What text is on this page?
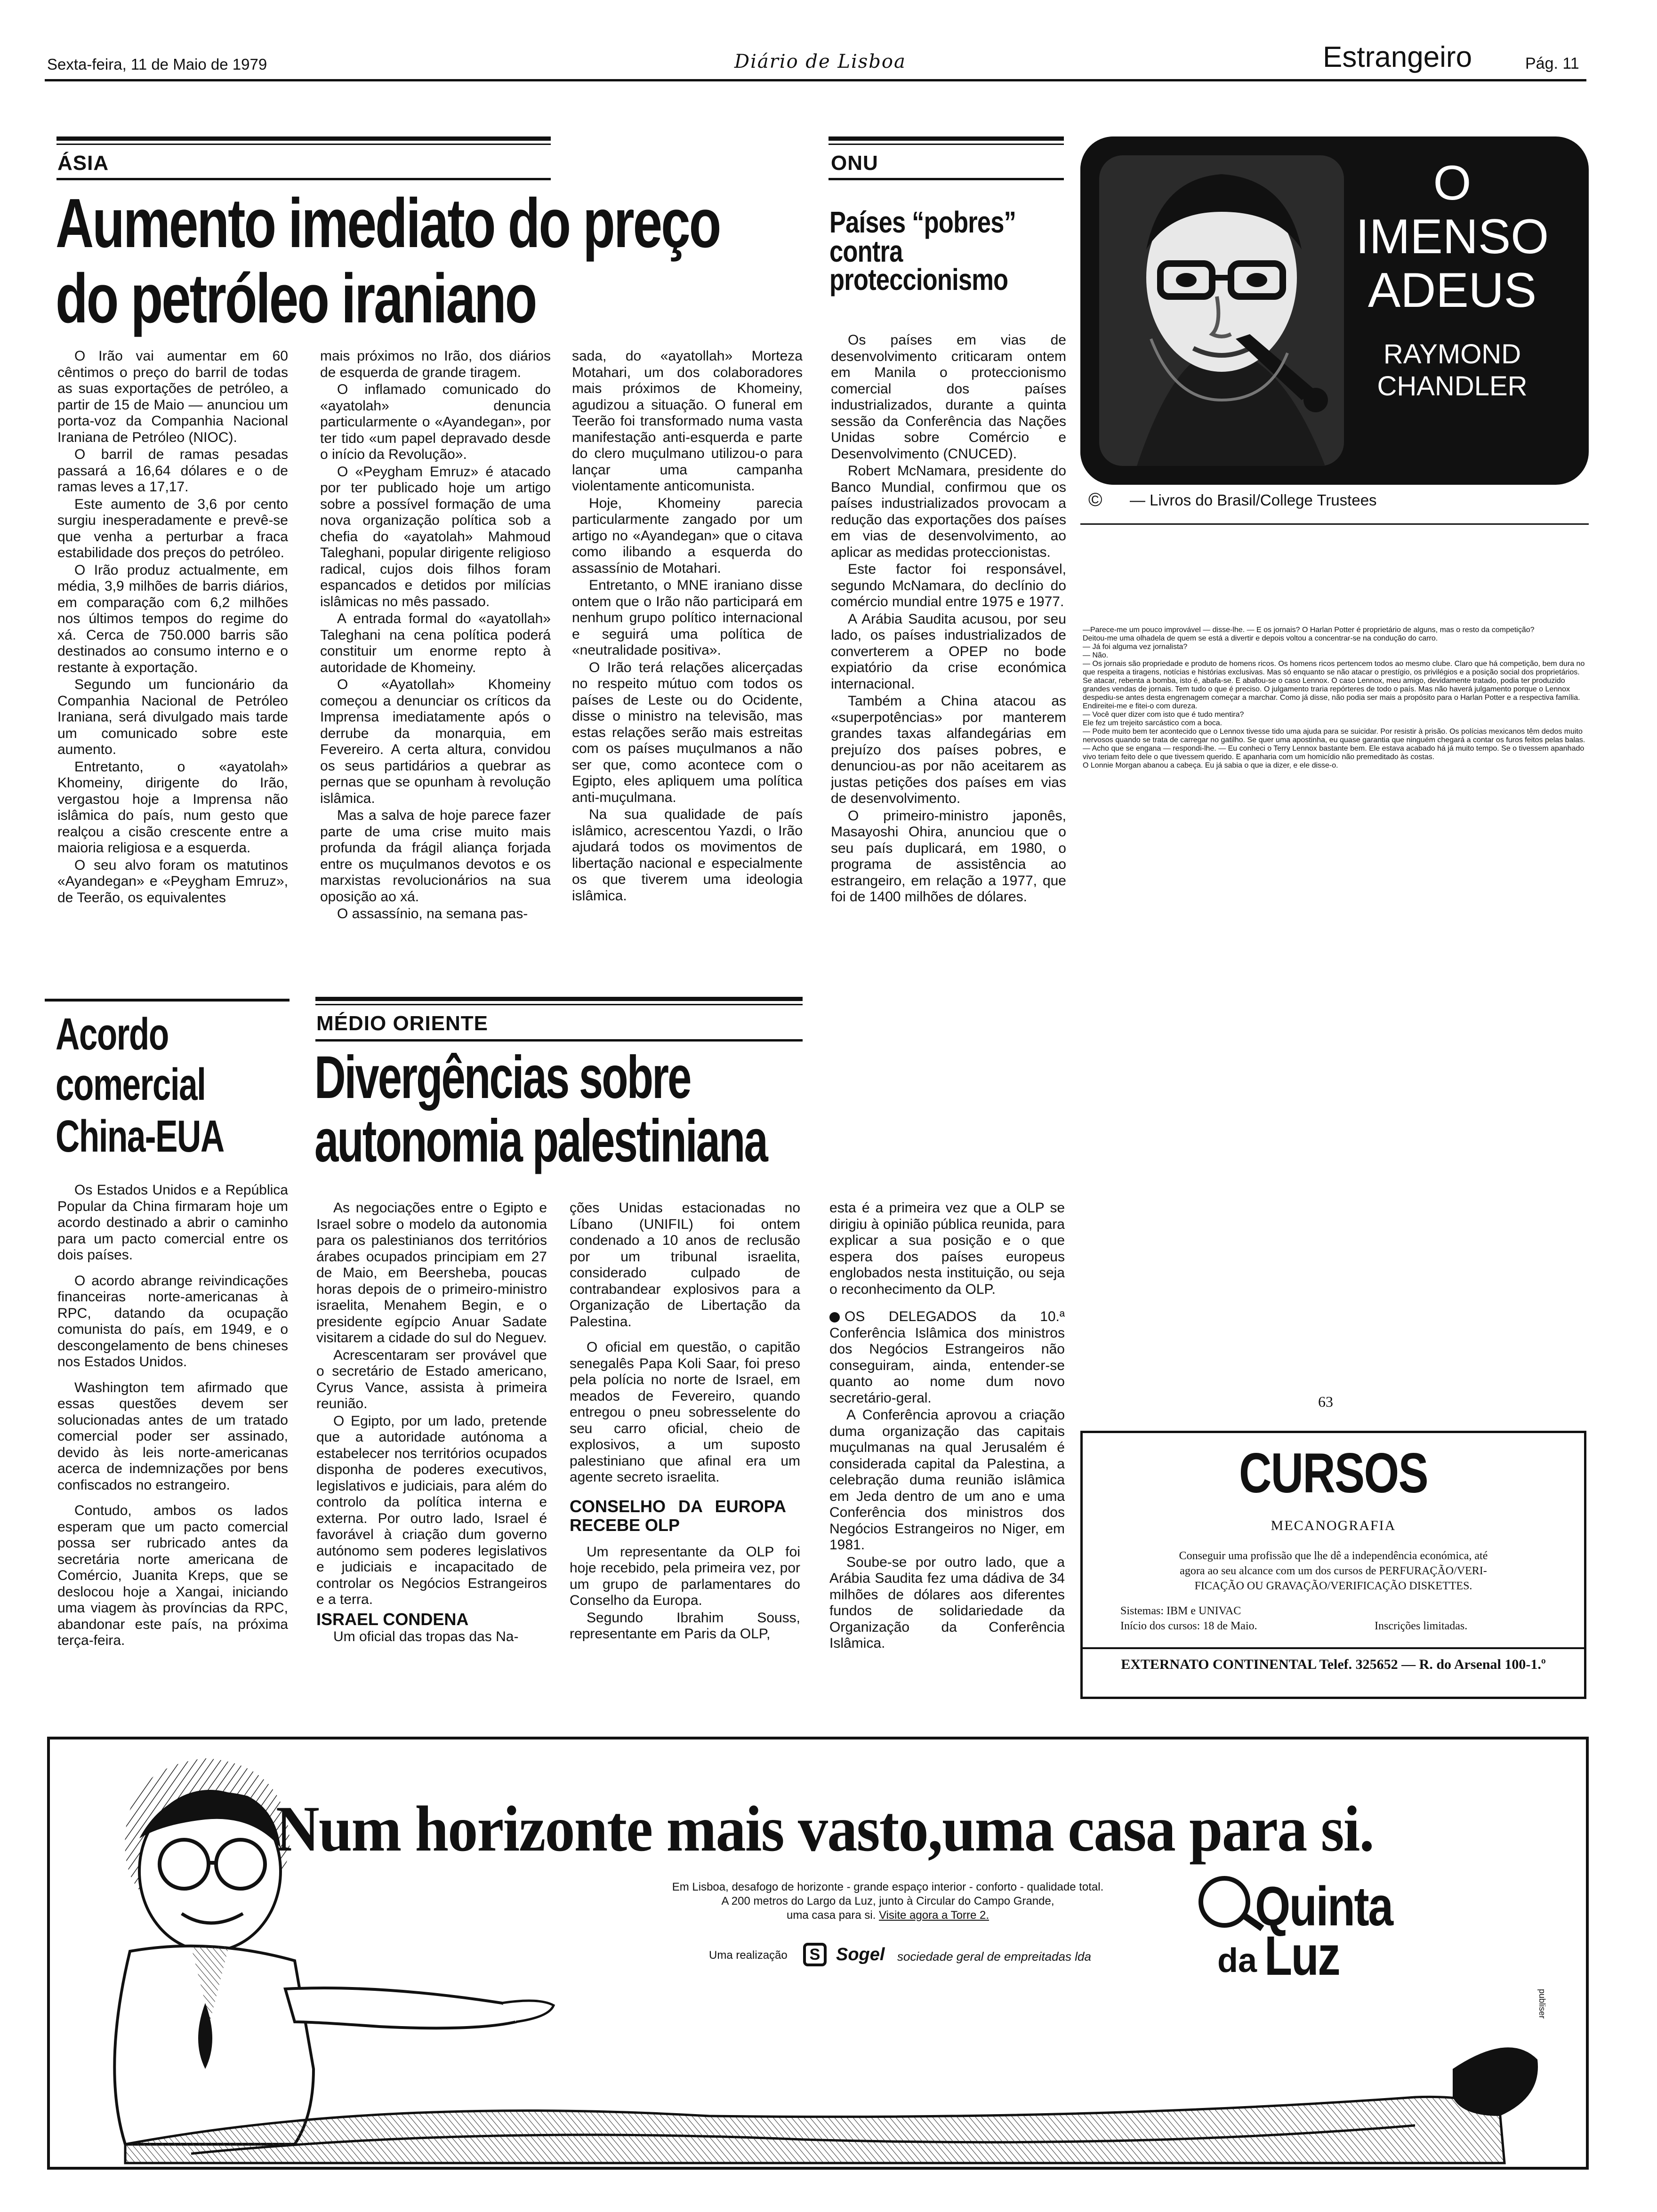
Sexta-feira, 11 de Maio de 1979	Diário de Lisboa	Estrangeiro	Pág. 11
ÁSIA
Aumento imediato do preço
do petróleo iraniano

O Irão vai aumentar em 60 cêntimos o preço do barril de todas as suas exportações de petróleo, a partir de 15 de Maio — anunciou um porta-voz da Companhia Nacional Iraniana de Petróleo (NIOC).

O barril de ramas pesadas passará a 16,64 dólares e o de ramas leves a 17,17.

Este aumento de 3,6 por cento surgiu inesperadamente e prevê-se que venha a perturbar a fraca estabilidade dos preços do petróleo.

O Irão produz actualmente, em média, 3,9 milhões de barris diários, em comparação com 6,2 milhões nos últimos tempos do regime do xá. Cerca de 750.000 barris são destinados ao consumo interno e o restante à exportação.

Segundo um funcionário da Companhia Nacional de Petróleo Iraniana, será divulgado mais tarde um comunicado sobre este aumento.

Entretanto, o «ayatolah» Khomeiny, dirigente do Irão, vergastou hoje a Imprensa não islâmica do país, num gesto que realçou a cisão crescente entre a maioria religiosa e a esquerda.

O seu alvo foram os matutinos «Ayandegan» e «Peygham Emruz», de Teerão, os equivalentes

mais próximos no Irão, dos diários de esquerda de grande tiragem.

O inflamado comunicado do «ayatolah» denuncia particularmente o «Ayandegan», por ter tido «um papel depravado desde o início da Revolução».

O «Peygham Emruz» é atacado por ter publicado hoje um artigo sobre a possível formação de uma nova organização política sob a chefia do «ayatolah» Mahmoud Taleghani, popular dirigente religioso radical, cujos dois filhos foram espancados e detidos por milícias islâmicas no mês passado.

A entrada formal do «ayatollah» Taleghani na cena política poderá constituir um enorme repto à autoridade de Khomeiny.

O «Ayatollah» Khomeiny começou a denunciar os críticos da Imprensa imediatamente após o derrube da monarquia, em Fevereiro. A certa altura, convidou os seus partidários a quebrar as pernas que se opunham à revolução islâmica.

Mas a salva de hoje parece fazer parte de uma crise muito mais profunda da frágil aliança forjada entre os muçulmanos devotos e os marxistas revolucionários na sua oposição ao xá.

O assassínio, na semana pas-

sada, do «ayatollah» Morteza Motahari, um dos colaboradores mais próximos de Khomeiny, agudizou a situação. O funeral em Teerão foi transformado numa vasta manifestação anti-esquerda e parte do clero muçulmano utilizou-o para lançar uma campanha violentamente anticomunista.

Hoje, Khomeiny parecia particularmente zangado por um artigo no «Ayandegan» que o citava como ilibando a esquerda do assassínio de Motahari.

Entretanto, o MNE iraniano disse ontem que o Irão não participará em nenhum grupo político internacional e seguirá uma política de «neutralidade positiva».

O Irão terá relações alicerçadas no respeito mútuo com todos os países de Leste ou do Ocidente, disse o ministro na televisão, mas estas relações serão mais estreitas com os países muçulmanos a não ser que, como acontece com o Egipto, eles apliquem uma política anti-muçulmana.

Na sua qualidade de país islâmico, acrescentou Yazdi, o Irão ajudará todos os movimentos de libertação nacional e especialmente os que tiverem uma ideologia islâmica.

ONU
Países “pobres”
contra
proteccionismo

Os países em vias de desenvolvimento criticaram ontem em Manila o proteccionismo comercial dos países industrializados, durante a quinta sessão da Conferência das Nações Unidas sobre Comércio e Desenvolvimento (CNUCED).

Robert McNamara, presidente do Banco Mundial, confirmou que os países industrializados provocam a redução das exportações dos países em vias de desenvolvimento, ao aplicar as medidas proteccionistas.

Este factor foi responsável, segundo McNamara, do declínio do comércio mundial entre 1975 e 1977.

A Arábia Saudita acusou, por seu lado, os países industrializados de converterem a OPEP no bode expiatório da crise económica internacional.

Também a China atacou as «superpotências» por manterem grandes taxas alfandegárias em prejuízo dos países pobres, e denunciou-as por não aceitarem as justas petições dos países em vias de desenvolvimento.

O primeiro-ministro japonês, Masayoshi Ohira, anunciou que o seu país duplicará, em 1980, o programa de assistência ao estrangeiro, em relação a 1977, que foi de 1400 milhões de dólares.

O
IMENSO
ADEUS
RAYMOND
CHANDLER
© — Livros do Brasil/College Trustees

—Parece-me um pouco improvável — disse-lhe. — E os jornais? O Harlan Potter é proprietário de alguns, mas o resto da competição?

Deitou-me uma olhadela de quem se está a divertir e depois voltou a concentrar-se na condução do carro.

— Já foi alguma vez jornalista?

— Não.

— Os jornais são propriedade e produto de homens ricos. Os homens ricos pertencem todos ao mesmo clube. Claro que há competição, bem dura no que respeita a tiragens, notícias e histórias exclusivas. Mas só enquanto se não atacar o prestígio, os privilégios e a posição social dos proprietários. Se atacar, rebenta a bomba, isto é, abafa-se. E abafou-se o caso Lennox. O caso Lennox, meu amigo, devidamente tratado, podia ter produzido grandes vendas de jornais. Tem tudo o que é preciso. O julgamento traria repórteres de todo o país. Mas não haverá julgamento porque o Lennox despediu-se antes desta engrenagem começar a marchar. Como já disse, não podia ser mais a propósito para o Harlan Potter e a respectiva família.

Endireitei-me e fitei-o com dureza.

— Você quer dizer com isto que é tudo mentira?

Ele fez um trejeito sarcástico com a boca.

— Pode muito bem ter acontecido que o Lennox tivesse tido uma ajuda para se suicidar. Por resistir à prisão. Os polícias mexicanos têm dedos muito nervosos quando se trata de carregar no gatilho. Se quer uma apostinha, eu quase garantia que ninguém chegará a contar os furos feitos pelas balas.

— Acho que se engana — respondi-lhe. — Eu conheci o Terry Lennox bastante bem. Ele estava acabado há já muito tempo. Se o tivessem apanhado vivo teriam feito dele o que tivessem querido. E apanharia com um homicídio não premeditado às costas.

O Lonnie Morgan abanou a cabeça. Eu já sabia o que ia dizer, e ele disse-o.

63
Acordo
comercial
China-EUA

Os Estados Unidos e a República Popular da China firmaram hoje um acordo destinado a abrir o caminho para um pacto comercial entre os dois países.

O acordo abrange reivindicações financeiras norte-americanas à RPC, datando da ocupação comunista do país, em 1949, e o descongelamento de bens chineses nos Estados Unidos.

Washington tem afirmado que essas questões devem ser solucionadas antes de um tratado comercial poder ser assinado, devido às leis norte-americanas acerca de indemnizações por bens confiscados no estrangeiro.

Contudo, ambos os lados esperam que um pacto comercial possa ser rubricado antes da secretária norte americana de Comércio, Juanita Kreps, que se deslocou hoje a Xangai, iniciando uma viagem às províncias da RPC, abandonar este país, na próxima terça-feira.

MÉDIO ORIENTE
Divergências sobre
autonomia palestiniana

As negociações entre o Egipto e Israel sobre o modelo da autonomia para os palestinianos dos territórios árabes ocupados principiam em 27 de Maio, em Beersheba, poucas horas depois de o primeiro-ministro israelita, Menahem Begin, e o presidente egípcio Anuar Sadate visitarem a cidade do sul do Neguev.

Acrescentaram ser provável que o secretário de Estado americano, Cyrus Vance, assista à primeira reunião.

O Egipto, por um lado, pretende que a autoridade autónoma a estabelecer nos territórios ocupados disponha de poderes executivos, legislativos e judiciais, para além do controlo da política interna e externa. Por outro lado, Israel é favorável à criação dum governo autónomo sem poderes legislativos e judiciais e incapacitado de controlar os Negócios Estrangeiros e a terra.

ISRAEL CONDENA

Um oficial das tropas das Na-

ções Unidas estacionadas no Líbano (UNIFIL) foi ontem condenado a 10 anos de reclusão por um tribunal israelita, considerado culpado de contrabandear explosivos para a Organização de Libertação da Palestina.

O oficial em questão, o capitão senegalês Papa Koli Saar, foi preso pela polícia no norte de Israel, em meados de Fevereiro, quando entregou o pneu sobresselente do seu carro oficial, cheio de explosivos, a um suposto palestiniano que afinal era um agente secreto israelita.

CONSELHO DA EUROPA RECEBE OLP

Um representante da OLP foi hoje recebido, pela primeira vez, por um grupo de parlamentares do Conselho da Europa.

Segundo Ibrahim Souss, representante em Paris da OLP,

esta é a primeira vez que a OLP se dirigiu à opinião pública reunida, para explicar a sua posição e o que espera dos países europeus englobados nesta instituição, ou seja o reconhecimento da OLP.

OS DELEGADOS da 10.ª Conferência Islâmica dos ministros dos Negócios Estrangeiros não conseguiram, ainda, entender-se quanto ao nome dum novo secretário-geral.

A Conferência aprovou a criação duma organização das capitais muçulmanas na qual Jerusalém é considerada capital da Palestina, a celebração duma reunião islâmica em Jeda dentro de um ano e uma Conferência dos ministros dos Negócios Estrangeiros no Niger, em 1981.

Soube-se por outro lado, que a Arábia Saudita fez uma dádiva de 34 milhões de dólares aos diferentes fundos de solidariedade da Organização da Conferência Islâmica.

CURSOS
MECANOGRAFIA
Conseguir uma profissão que lhe dê a independência económica, até
agora ao seu alcance com um dos cursos de PERFURAÇÃO/VERI-
FICAÇÃO OU GRAVAÇÃO/VERIFICAÇÃO DISKETTES.
Sistemas: IBM e UNIVAC
Início dos cursos: 18 de Maio.	Inscrições limitadas.
EXTERNATO CONTINENTAL Telef. 325652 — R. do Arsenal 100-1.º
Num horizonte mais vasto,uma casa para si.
Em Lisboa, desafogo de horizonte - grande espaço interior - conforto - qualidade total.
A 200 metros do Largo da Luz, junto à Circular do Campo Grande,
uma casa para si. Visite agora a Torre 2.
Uma realização	S Sogel sociedade geral de empreitadas lda
Quinta
da Luz
publiser
